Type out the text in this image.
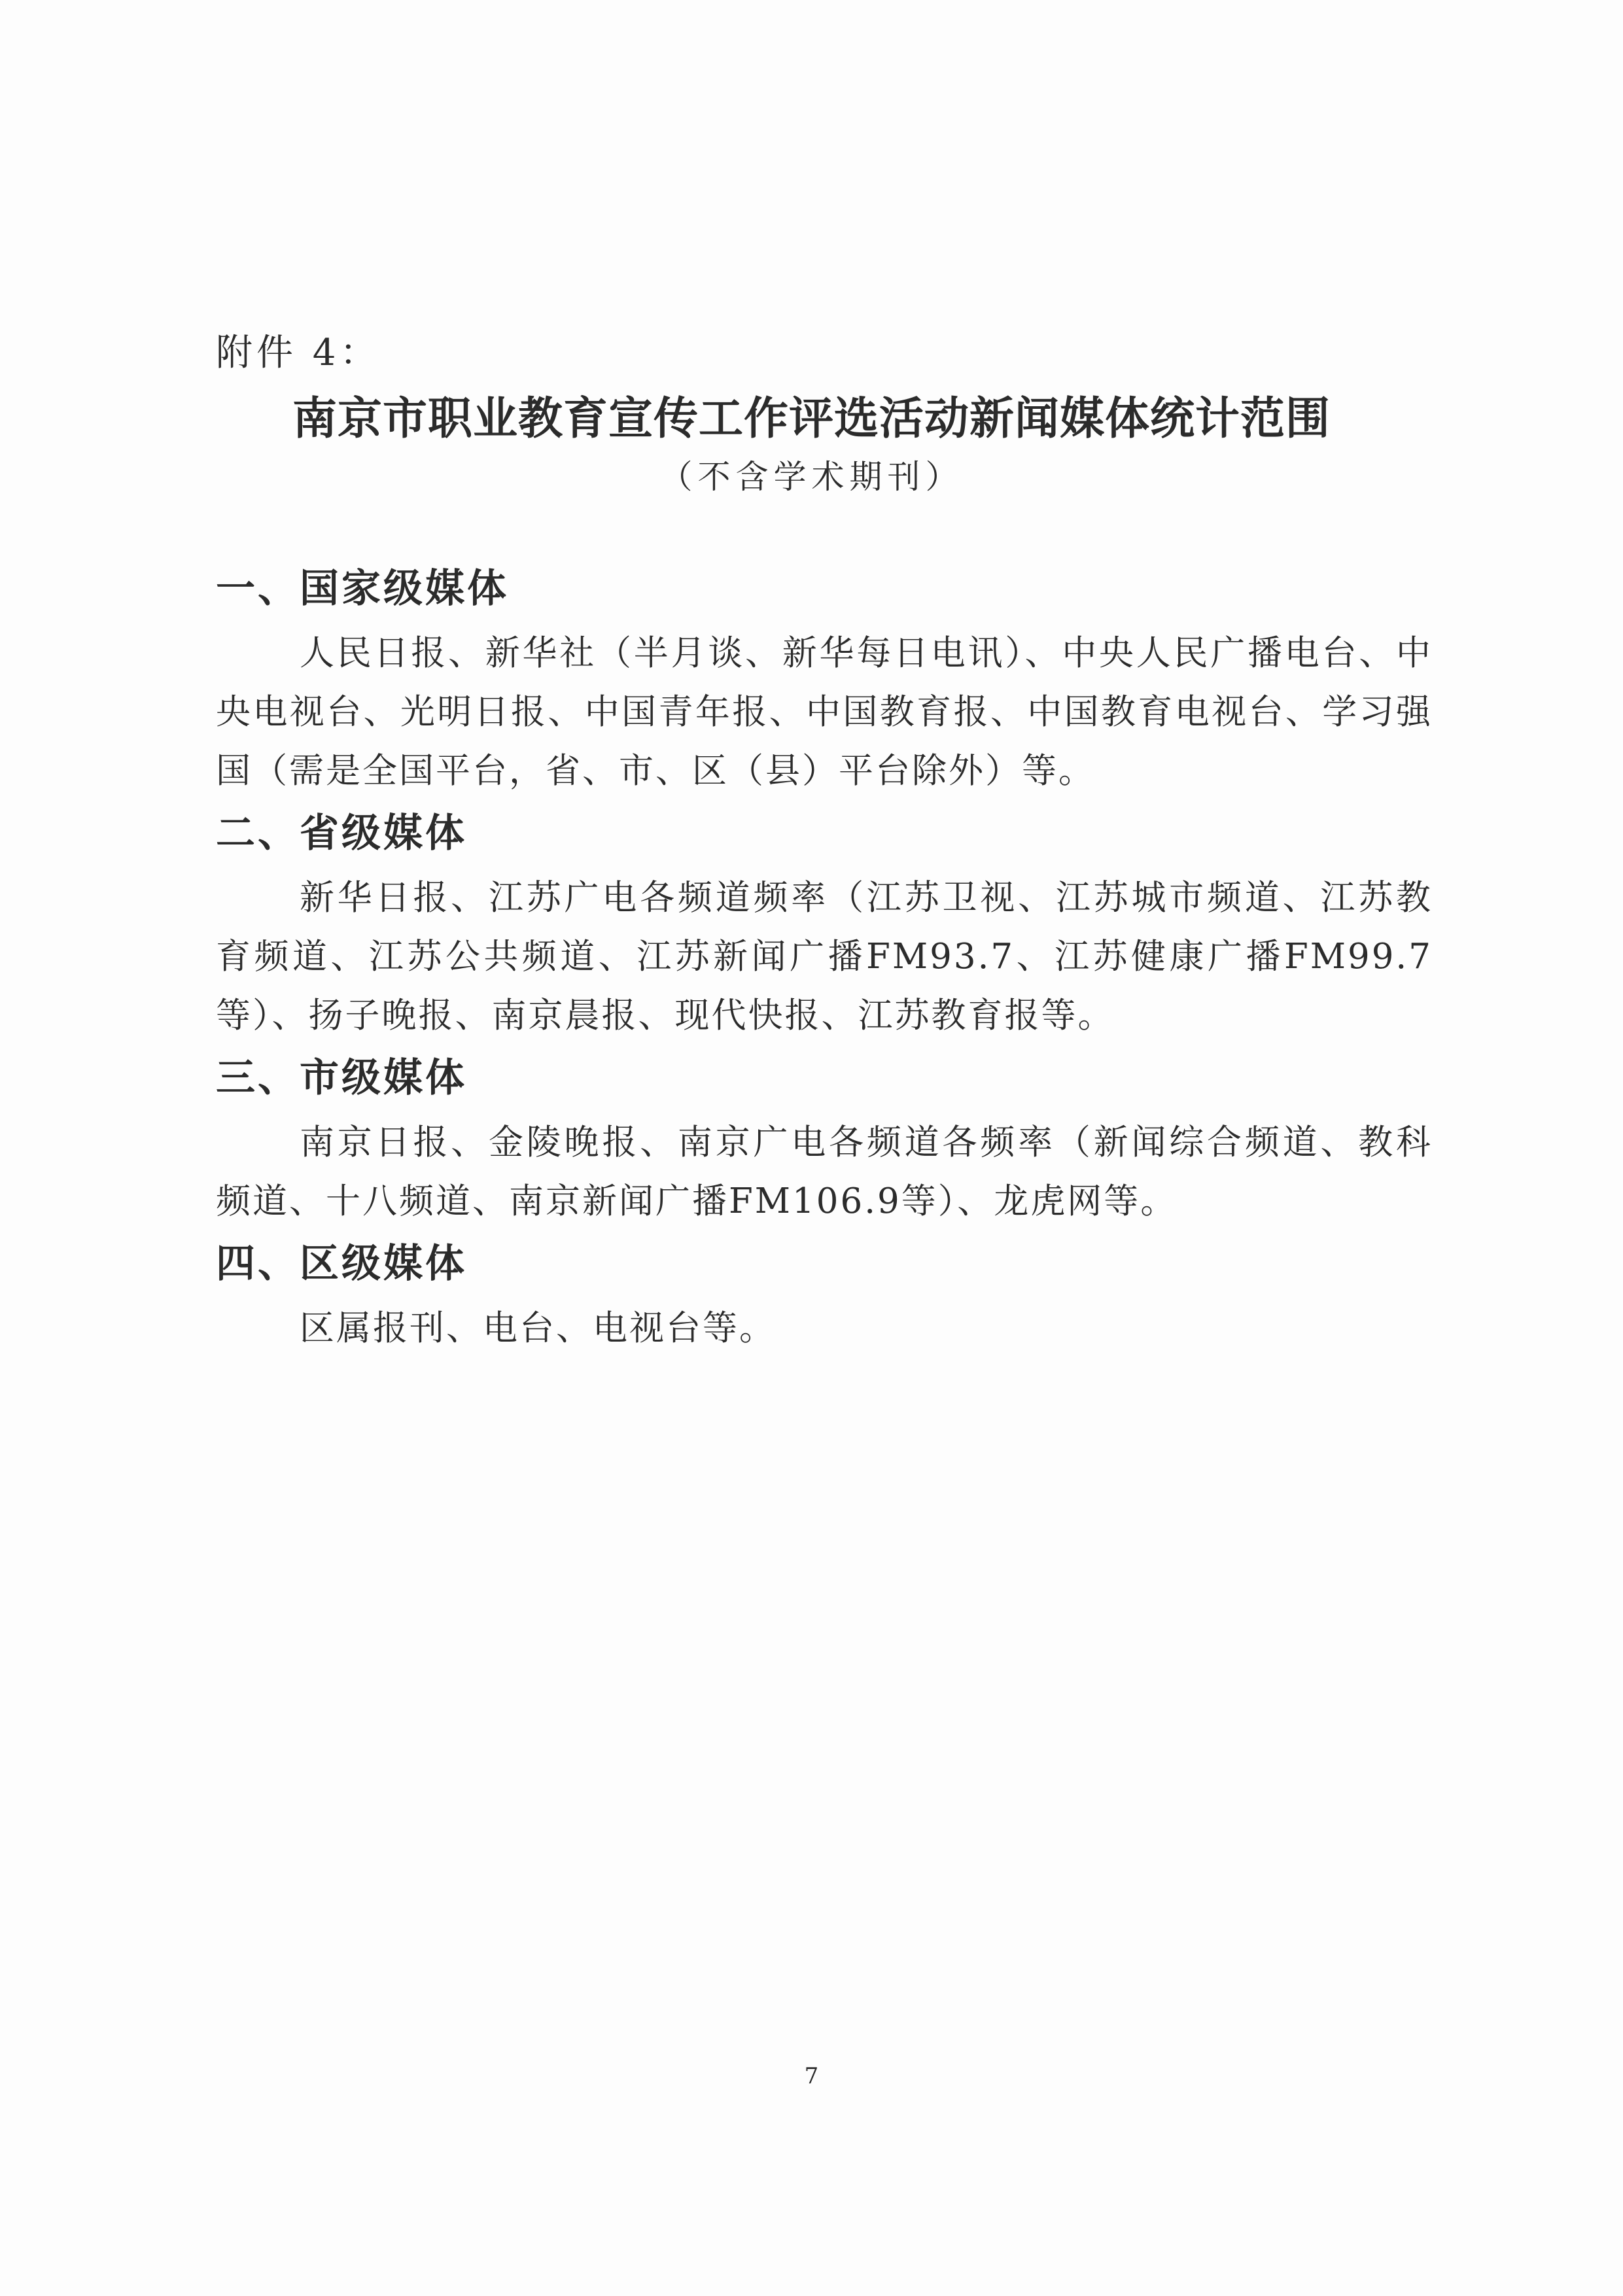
附件 4：
南京市职业教育宣传工作评选活动新闻媒体统计范围
（不含学术期刊）
一、国家级媒体
人民日报、新华社（半月谈、新华每日电讯）、中央人民广播电台、中央电视台、光明日报、中国青年报、中国教育报、中国教育电视台、学习强国（需是全国平台，省、市、区（县）平台除外）等。
二、省级媒体
新华日报、江苏广电各频道频率（江苏卫视、江苏城市频道、江苏教育频道、江苏公共频道、江苏新闻广播FM93.7、江苏健康广播FM99.7等）、扬子晚报、南京晨报、现代快报、江苏教育报等。
三、市级媒体
南京日报、金陵晚报、南京广电各频道各频率（新闻综合频道、教科频道、十八频道、南京新闻广播FM106.9等）、龙虎网等。
四、区级媒体
区属报刊、电台、电视台等。
7
